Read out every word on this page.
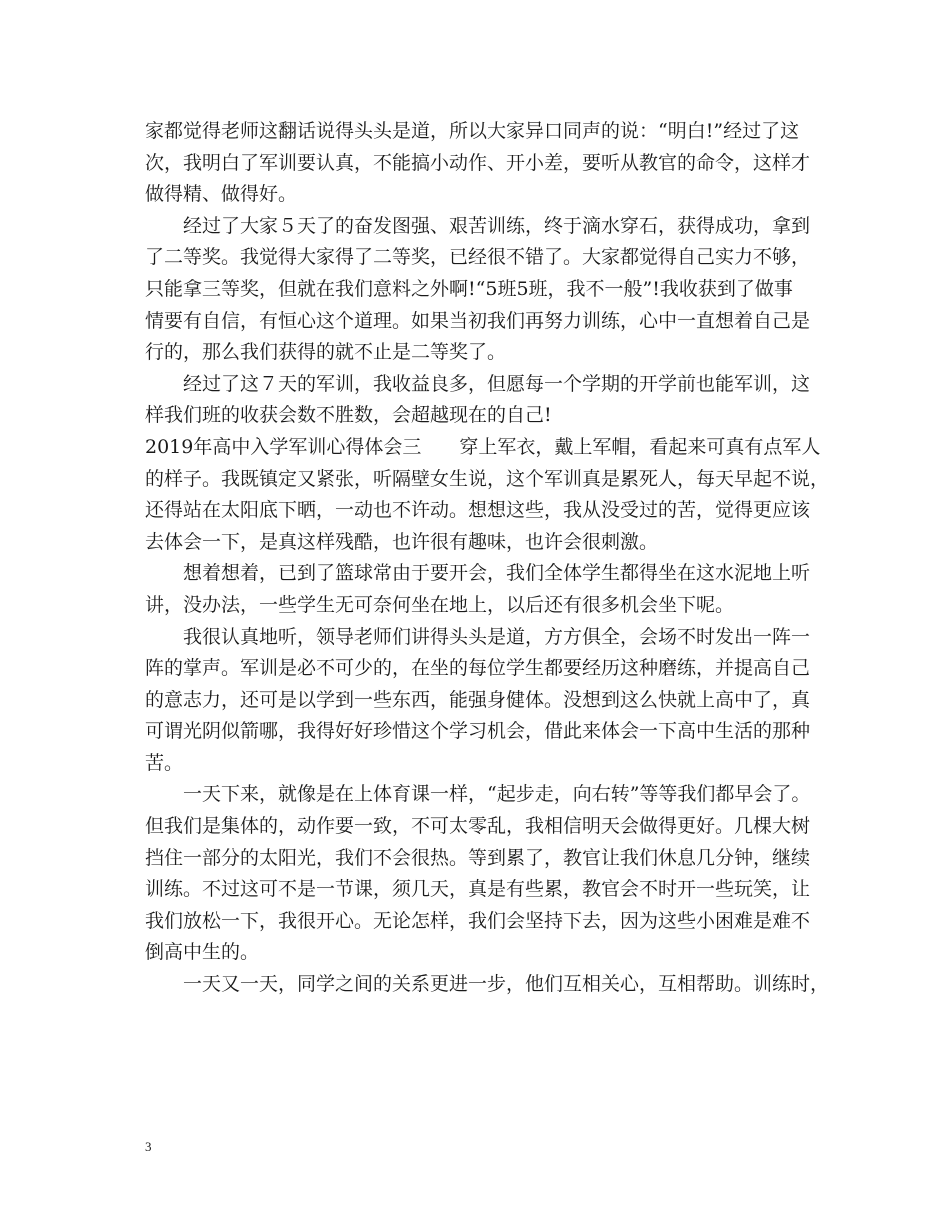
家都觉得老师这翻话说得头头是道，所以大家异口同声的说：“明白!”经过了这
次，我明白了军训要认真，不能搞小动作、开小差，要听从教官的命令，这样才
做得精、做得好。
　　经过了大家５天了的奋发图强、艰苦训练，终于滴水穿石，获得成功，拿到
了二等奖。我觉得大家得了二等奖，已经很不错了。大家都觉得自己实力不够，
只能拿三等奖，但就在我们意料之外啊!“5班5班，我不一般”!我收获到了做事
情要有自信，有恒心这个道理。如果当初我们再努力训练，心中一直想着自己是
行的，那么我们获得的就不止是二等奖了。
　　经过了这７天的军训，我收益良多，但愿每一个学期的开学前也能军训，这
样我们班的收获会数不胜数，会超越现在的自己!
2019年高中入学军训心得体会三　　穿上军衣，戴上军帽，看起来可真有点军人
的样子。我既镇定又紧张，听隔壁女生说，这个军训真是累死人，每天早起不说，
还得站在太阳底下晒，一动也不许动。想想这些，我从没受过的苦，觉得更应该
去体会一下，是真这样残酷，也许很有趣味，也许会很刺激。
　　想着想着，已到了篮球常由于要开会，我们全体学生都得坐在这水泥地上听
讲，没办法，一些学生无可奈何坐在地上，以后还有很多机会坐下呢。
　　我很认真地听，领导老师们讲得头头是道，方方俱全，会场不时发出一阵一
阵的掌声。军训是必不可少的，在坐的每位学生都要经历这种磨练，并提高自己
的意志力，还可是以学到一些东西，能强身健体。没想到这么快就上高中了，真
可谓光阴似箭哪，我得好好珍惜这个学习机会，借此来体会一下高中生活的那种
苦。
　　一天下来，就像是在上体育课一样，“起步走，向右转”等等我们都早会了。
但我们是集体的，动作要一致，不可太零乱，我相信明天会做得更好。几棵大树
挡住一部分的太阳光，我们不会很热。等到累了，教官让我们休息几分钟，继续
训练。不过这可不是一节课，须几天，真是有些累，教官会不时开一些玩笑，让
我们放松一下，我很开心。无论怎样，我们会坚持下去，因为这些小困难是难不
倒高中生的。
　　一天又一天，同学之间的关系更进一步，他们互相关心，互相帮助。训练时，
3
